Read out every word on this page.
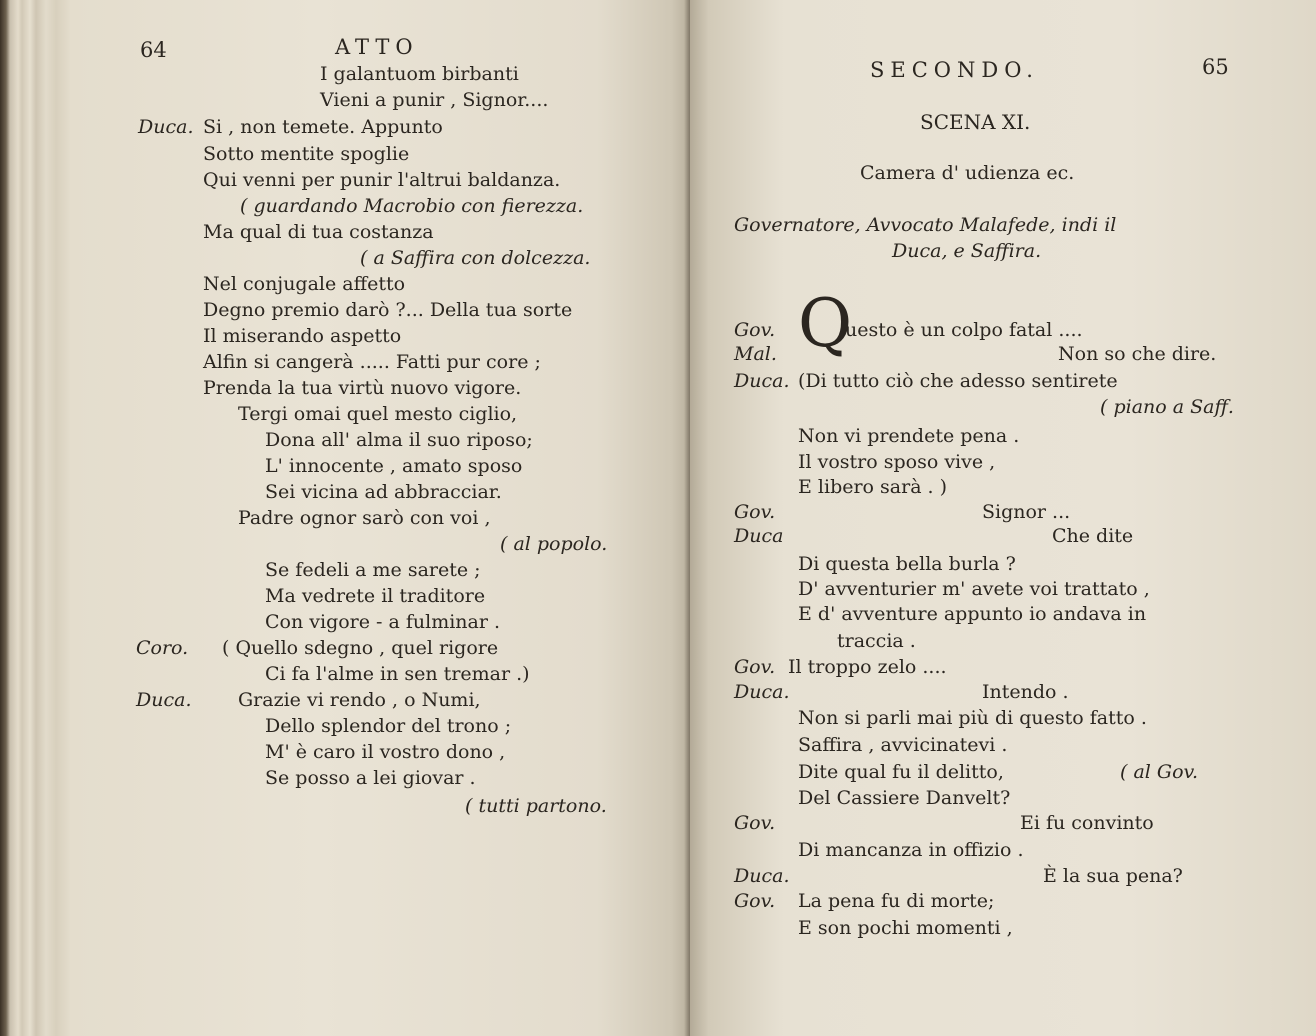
64	ATTO
I galantuom birbanti
Vieni a punir , Signor....
Duca. Si , non temete. Appunto
Sotto mentite spoglie
Qui venni per punir l'altrui baldanza.
( guardando Macrobio con fierezza.
Ma qual di tua costanza
( a Saffira con dolcezza.
Nel conjugale affetto
Degno premio darò ?... Della tua sorte
Il miserando aspetto
Alfin si cangerà ..... Fatti pur core ;
Prenda la tua virtù nuovo vigore.
Tergi omai quel mesto ciglio,
Dona all' alma il suo riposo;
L' innocente , amato sposo
Sei vicina ad abbracciar.
Padre ognor sarò con voi ,
( al popolo.
Se fedeli a me sarete ;
Ma vedrete il traditore
Con vigore - a fulminar .
Coro. ( Quello sdegno , quel rigore
Ci fa l'alme in sen tremar .)
Duca. Grazie vi rendo , o Numi,
Dello splendor del trono ;
M' è caro il vostro dono ,
Se posso a lei giovar .
( tutti partono.
SECONDO.	65
SCENA XI.
Camera d' udienza ec.
Governatore, Avvocato Malafede, indi il
Duca, e Saffira.
Gov. Q
uesto è un colpo fatal ....
Mal.	Non so che dire.
Duca. (Di tutto ciò che adesso sentirete
( piano a Saff.
Non vi prendete pena .
Il vostro sposo vive ,
E libero sarà . )
Gov.	Signor ...
Duca	Che dite
Di questa bella burla ?
D' avventurier m' avete voi trattato ,
E d' avventure appunto io andava in
traccia .
Gov. Il troppo zelo ....
Duca.	Intendo .
Non si parli mai più di questo fatto .
Saffira , avvicinatevi .
Dite qual fu il delitto,	( al Gov.
Del Cassiere Danvelt?
Gov.	Ei fu convinto
Di mancanza in offizio .
Duca.	È la sua pena?
Gov. La pena fu di morte;
E son pochi momenti ,
